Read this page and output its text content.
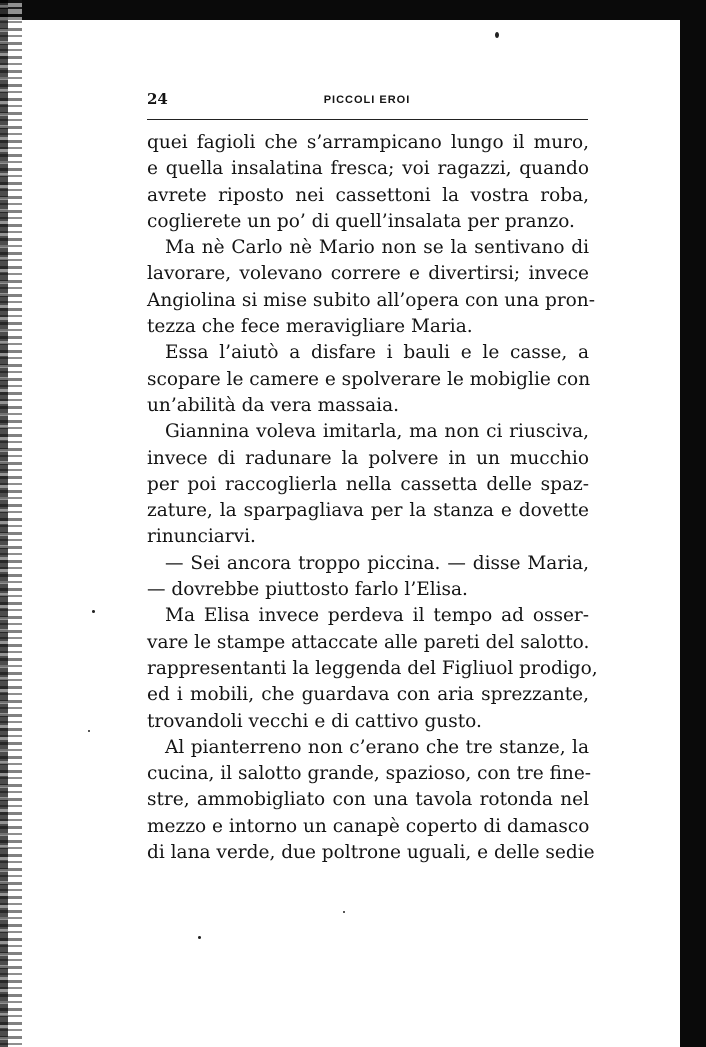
24	PICCOLI EROI
quei fagioli che s’arrampicano lungo il muro,
e quella insalatina fresca; voi ragazzi, quando
avrete riposto nei cassettoni la vostra roba,
coglierete un po’ di quell’insalata per pranzo.
Ma nè Carlo nè Mario non se la sentivano di
lavorare, volevano correre e divertirsi; invece
Angiolina si mise subito all’opera con una pron-
tezza che fece meravigliare Maria.
Essa l’aiutò a disfare i bauli e le casse, a
scopare le camere e spolverare le mobiglie con
un’abilità da vera massaia.
Giannina voleva imitarla, ma non ci riusciva,
invece di radunare la polvere in un mucchio
per poi raccoglierla nella cassetta delle spaz-
zature, la sparpagliava per la stanza e dovette
rinunciarvi.
— Sei ancora troppo piccina. — disse Maria,
— dovrebbe piuttosto farlo l’Elisa.
Ma Elisa invece perdeva il tempo ad osser-
vare le stampe attaccate alle pareti del salotto.
rappresentanti la leggenda del Figliuol prodigo,
ed i mobili, che guardava con aria sprezzante,
trovandoli vecchi e di cattivo gusto.
Al pianterreno non c’erano che tre stanze, la
cucina, il salotto grande, spazioso, con tre fine-
stre, ammobigliato con una tavola rotonda nel
mezzo e intorno un canapè coperto di damasco
di lana verde, due poltrone uguali, e delle sedie
